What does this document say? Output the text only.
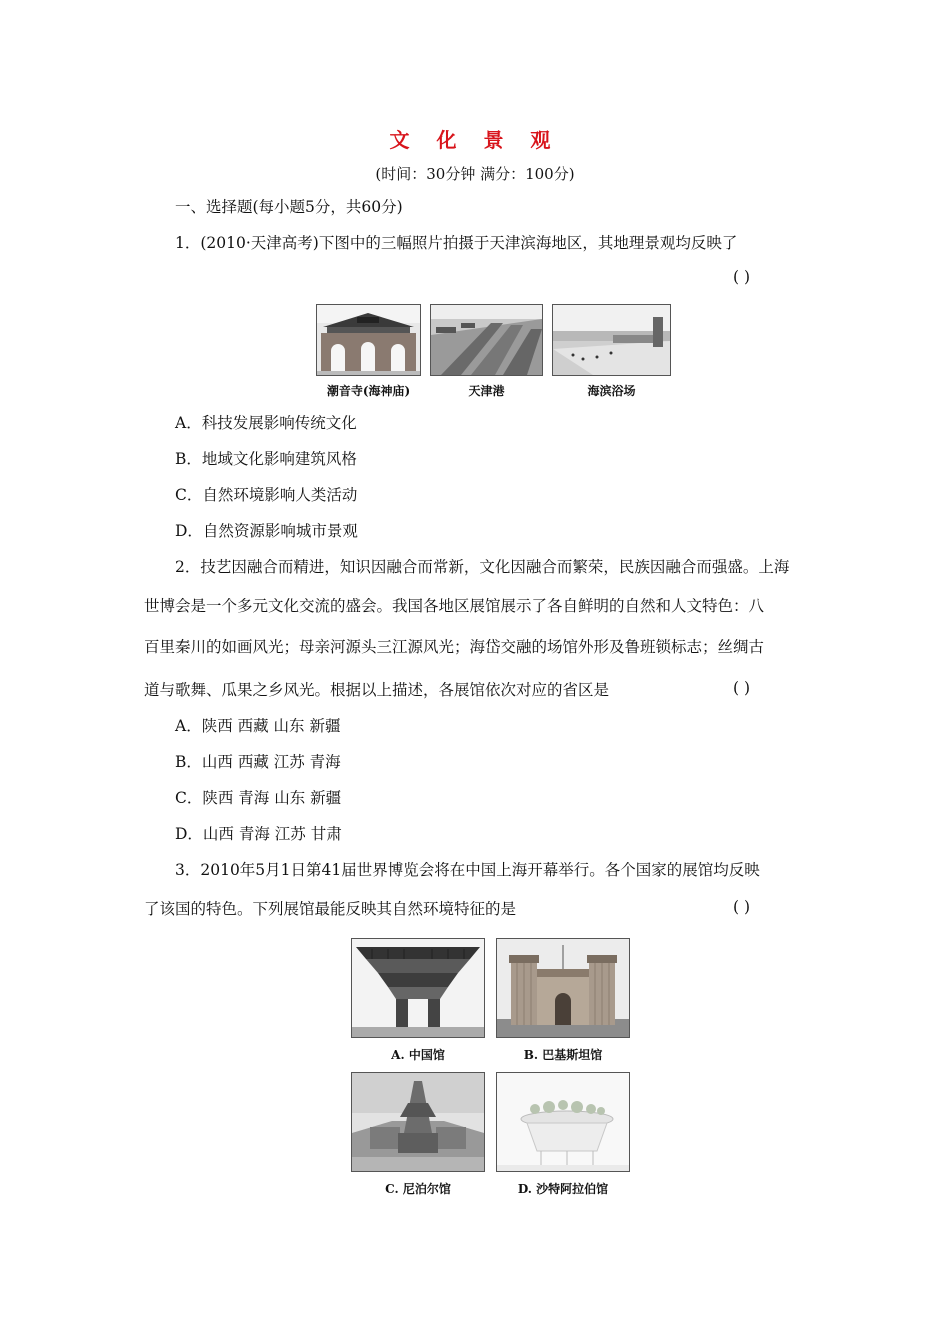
文 化 景 观
(时间：30分钟 满分：100分)
一、选择题(每小题5分，共60分)
1．(2010·天津高考)下图中的三幅照片拍摄于天津滨海地区，其地理景观均反映了
( )
潮音寺(海神庙)	天津港	海滨浴场
A．科技发展影响传统文化
B．地域文化影响建筑风格
C．自然环境影响人类活动
D．自然资源影响城市景观
2．技艺因融合而精进，知识因融合而常新，文化因融合而繁荣，民族因融合而强盛。上海
世博会是一个多元文化交流的盛会。我国各地区展馆展示了各自鲜明的自然和人文特色：八
百里秦川的如画风光；母亲河源头三江源风光；海岱交融的场馆外形及鲁班锁标志；丝绸古
道与歌舞、瓜果之乡风光。根据以上描述，各展馆依次对应的省区是	( )
A．陕西 西藏 山东 新疆
B．山西 西藏 江苏 青海
C．陕西 青海 山东 新疆
D．山西 青海 江苏 甘肃
3．2010年5月1日第41届世界博览会将在中国上海开幕举行。各个国家的展馆均反映
了该国的特色。下列展馆最能反映其自然环境特征的是	( )
A. 中国馆	B. 巴基斯坦馆
C. 尼泊尔馆	D. 沙特阿拉伯馆
